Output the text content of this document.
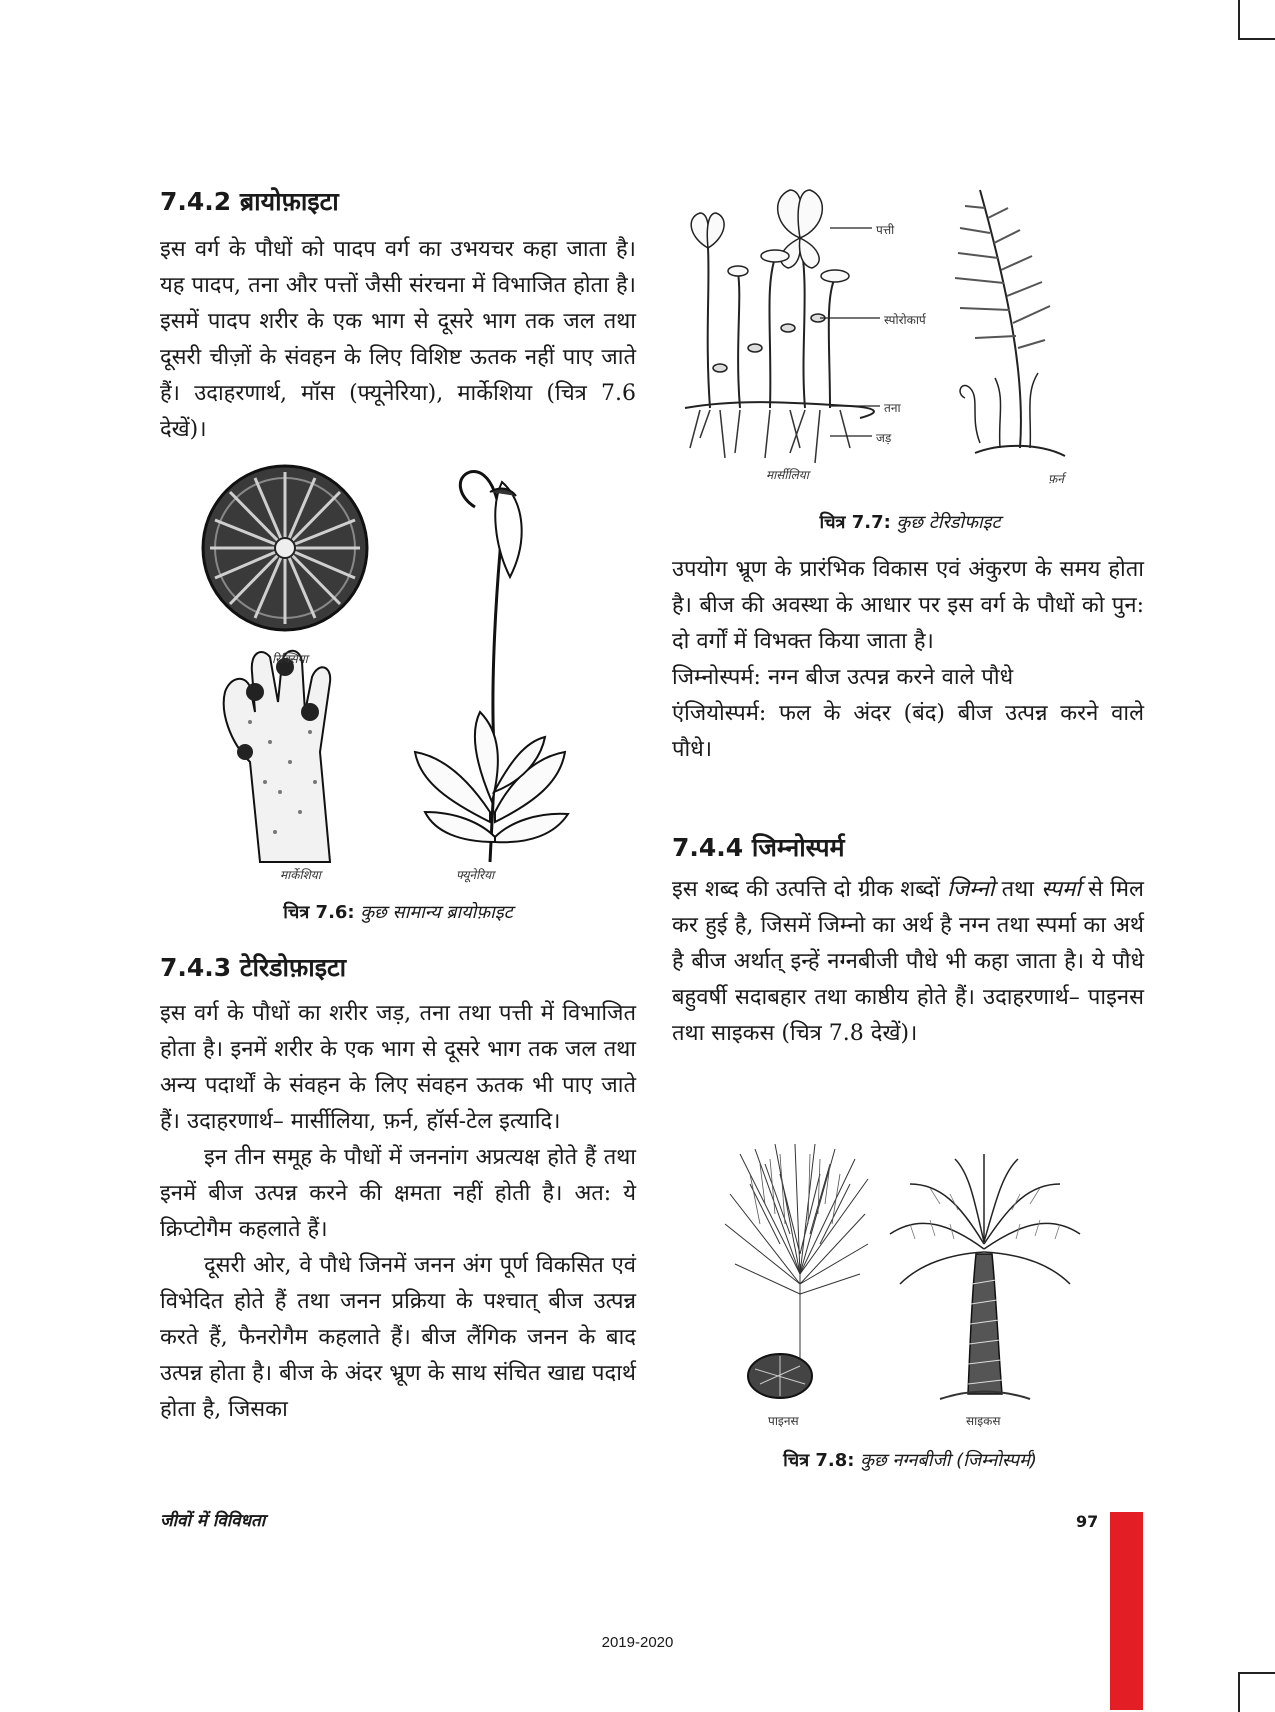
7.4.2 ब्रायोफ़ाइटा

इस वर्ग के पौधों को पादप वर्ग का उभयचर कहा जाता है। यह पादप, तना और पत्तों जैसी संरचना में विभाजित होता है। इसमें पादप शरीर के एक भाग से दूसरे भाग तक जल तथा दूसरी चीज़ों के संवहन के लिए विशिष्ट ऊतक नहीं पाए जाते हैं। उदाहरणार्थ, मॉस (फ्यूनेरिया), मार्केशिया (चित्र 7.6 देखें)।

रिक्सिया
मार्केशिया	फ्यूनेरिया
चित्र 7.6: कुछ सामान्य ब्रायोफ़ाइट
7.4.3 टेरिडोफ़ाइटा

इस वर्ग के पौधों का शरीर जड़, तना तथा पत्ती में विभाजित होता है। इनमें शरीर के एक भाग से दूसरे भाग तक जल तथा अन्य पदार्थों के संवहन के लिए संवहन ऊतक भी पाए जाते हैं। उदाहरणार्थ– मार्सीलिया, फ़र्न, हॉर्स-टेल इत्यादि।

इन तीन समूह के पौधों में जननांग अप्रत्यक्ष होते हैं तथा इनमें बीज उत्पन्न करने की क्षमता नहीं होती है। अत: ये क्रिप्टोगैम कहलाते हैं।

दूसरी ओर, वे पौधे जिनमें जनन अंग पूर्ण विकसित एवं विभेदित होते हैं तथा जनन प्रक्रिया के पश्चात् बीज उत्पन्न करते हैं, फैनरोगैम कहलाते हैं। बीज लैंगिक जनन के बाद उत्पन्न होता है। बीज के अंदर भ्रूण के साथ संचित खाद्य पदार्थ होता है, जिसका

पत्ती
स्पोरोकार्प
तना
जड़
मार्सीलिया	फ़र्न
चित्र 7.7: कुछ टेरिडोफाइट

उपयोग भ्रूण के प्रारंभिक विकास एवं अंकुरण के समय होता है। बीज की अवस्था के आधार पर इस वर्ग के पौधों को पुन: दो वर्गों में विभक्त किया जाता है।

जिम्नोस्पर्म: नग्न बीज उत्पन्न करने वाले पौधे

एंजियोस्पर्म: फल के अंदर (बंद) बीज उत्पन्न करने वाले पौधे।

7.4.4 जिम्नोस्पर्म

इस शब्द की उत्पत्ति दो ग्रीक शब्दों जिम्नो तथा स्पर्मा से मिल कर हुई है, जिसमें जिम्नो का अर्थ है नग्न तथा स्पर्मा का अर्थ है बीज अर्थात् इन्हें नग्नबीजी पौधे भी कहा जाता है। ये पौधे बहुवर्षी सदाबहार तथा काष्ठीय होते हैं। उदाहरणार्थ– पाइनस तथा साइकस (चित्र 7.8 देखें)।

पाइनस	साइकस
चित्र 7.8: कुछ नग्नबीजी (जिम्नोस्पर्म)
जीवों में विविधता	97
2019-2020
